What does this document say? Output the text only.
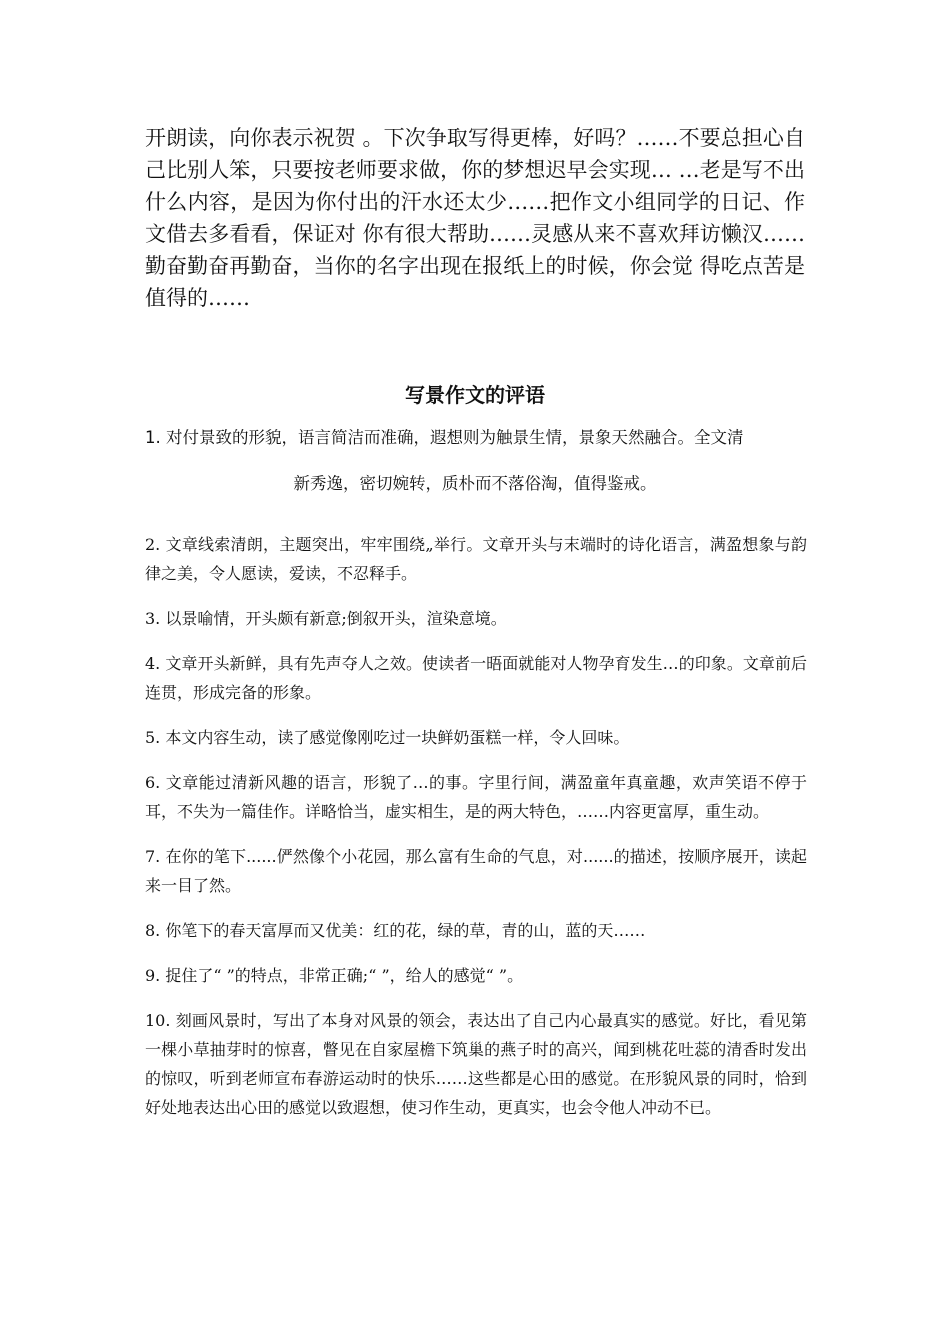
开朗读，向你表示祝贺 。下次争取写得更棒，好吗？……不要总担心自己比别人笨，只要按老师要求做，你的梦想迟早会实现… …老是写不出什么内容，是因为你付出的汗水还太少……把作文小组同学的日记、作文借去多看看，保证对 你有很大帮助……灵感从来不喜欢拜访懒汉……勤奋勤奋再勤奋，当你的名字出现在报纸上的时候，你会觉 得吃点苦是值得的……
写景作文的评语
1. 对付景致的形貌，语言简洁而准确，遐想则为触景生情，景象天然融合。全文清
新秀逸，密切婉转，质朴而不落俗淘，值得鉴戒。

2. 文章线索清朗，主题突出，牢牢围绕„举行。文章开头与末端时的诗化语言，满盈想象与韵律之美，令人愿读，爱读，不忍释手。

3. 以景喻情，开头颇有新意;倒叙开头，渲染意境。

4. 文章开头新鲜，具有先声夺人之效。使读者一晤面就能对人物孕育发生…的印象。文章前后连贯，形成完备的形象。

5. 本文内容生动，读了感觉像刚吃过一块鲜奶蛋糕一样，令人回味。

6. 文章能过清新风趣的语言，形貌了…的事。字里行间，满盈童年真童趣，欢声笑语不停于耳，不失为一篇佳作。详略恰当，虚实相生，是的两大特色，……内容更富厚，重生动。

7. 在你的笔下......俨然像个小花园，那么富有生命的气息，对......的描述，按顺序展开，读起来一目了然。

8. 你笔下的春天富厚而又优美：红的花，绿的草，青的山，蓝的天……

9. 捉住了“ ”的特点，非常正确;“ ”，给人的感觉“ ”。

10. 刻画风景时，写出了本身对风景的领会，表达出了自己内心最真实的感觉。好比，看见第一棵小草抽芽时的惊喜，瞥见在自家屋檐下筑巢的燕子时的高兴，闻到桃花吐蕊的清香时发出的惊叹，听到老师宣布春游运动时的快乐……这些都是心田的感觉。在形貌风景的同时，恰到好处地表达出心田的感觉以致遐想，使习作生动，更真实，也会令他人冲动不已。
